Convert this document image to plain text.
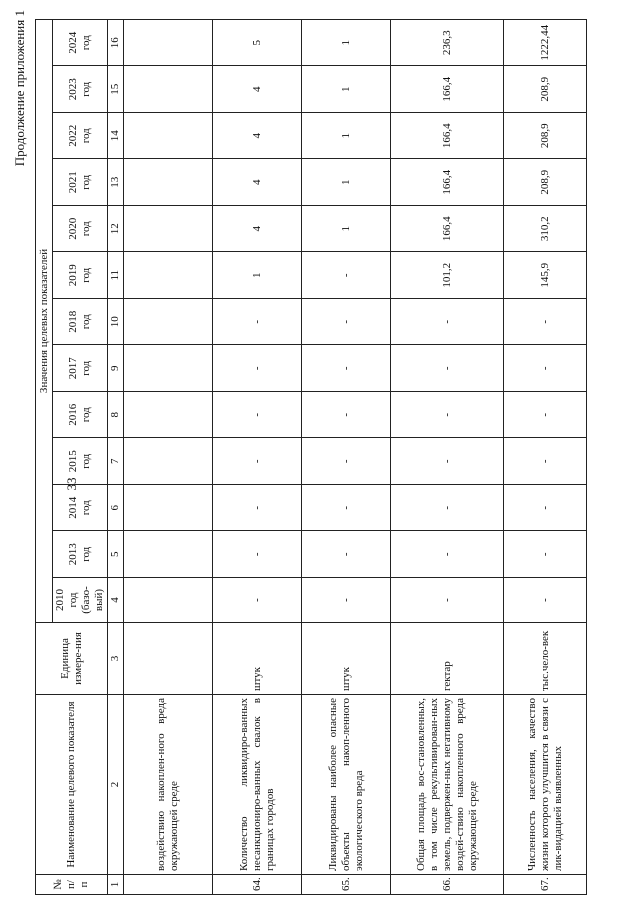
33
Продолжение приложения 1
№ п/п	Наименование целевого показателя	Единица измере-ния	Значения целевых показателей												
			2010 год (базо-вый)	2013 год	2014 год	2015 год	2016 год	2017 год	2018 год	2019 год	2020 год	2021 год	2022 год	2023 год	2024 год
1	2	3	4	5	6	7	8	9	10	11	12	13	14	15	16
	воздействию накоплен-ного вреда окружающей среде														
64.	Количество ликвидиро-ванных несанкциониро-ванных свалок в границах городов	штук	-	-	-	-	-	-	-	1	4	4	4	4	5
65.	Ликвидированы наиболее опасные объекты накоп-ленного экологического вреда	штук	-	-	-	-	-	-	-	-	1	1	1	1	1
66.	Общая площадь вос-становленных, в том числе рекультивирован-ных земель, подвержен-ных негативному воздей-ствию накопленного вреда окружающей среде	гектар	-	-	-	-	-	-	-	101,2	166,4	166,4	166,4	166,4	236,3
67.	Численность населения, качество жизни которого улучшится в связи с лик-видацией выявленных	тыс.чело-век	-	-	-	-	-	-	-	145,9	310,2	208,9	208,9	208,9	1222,44
